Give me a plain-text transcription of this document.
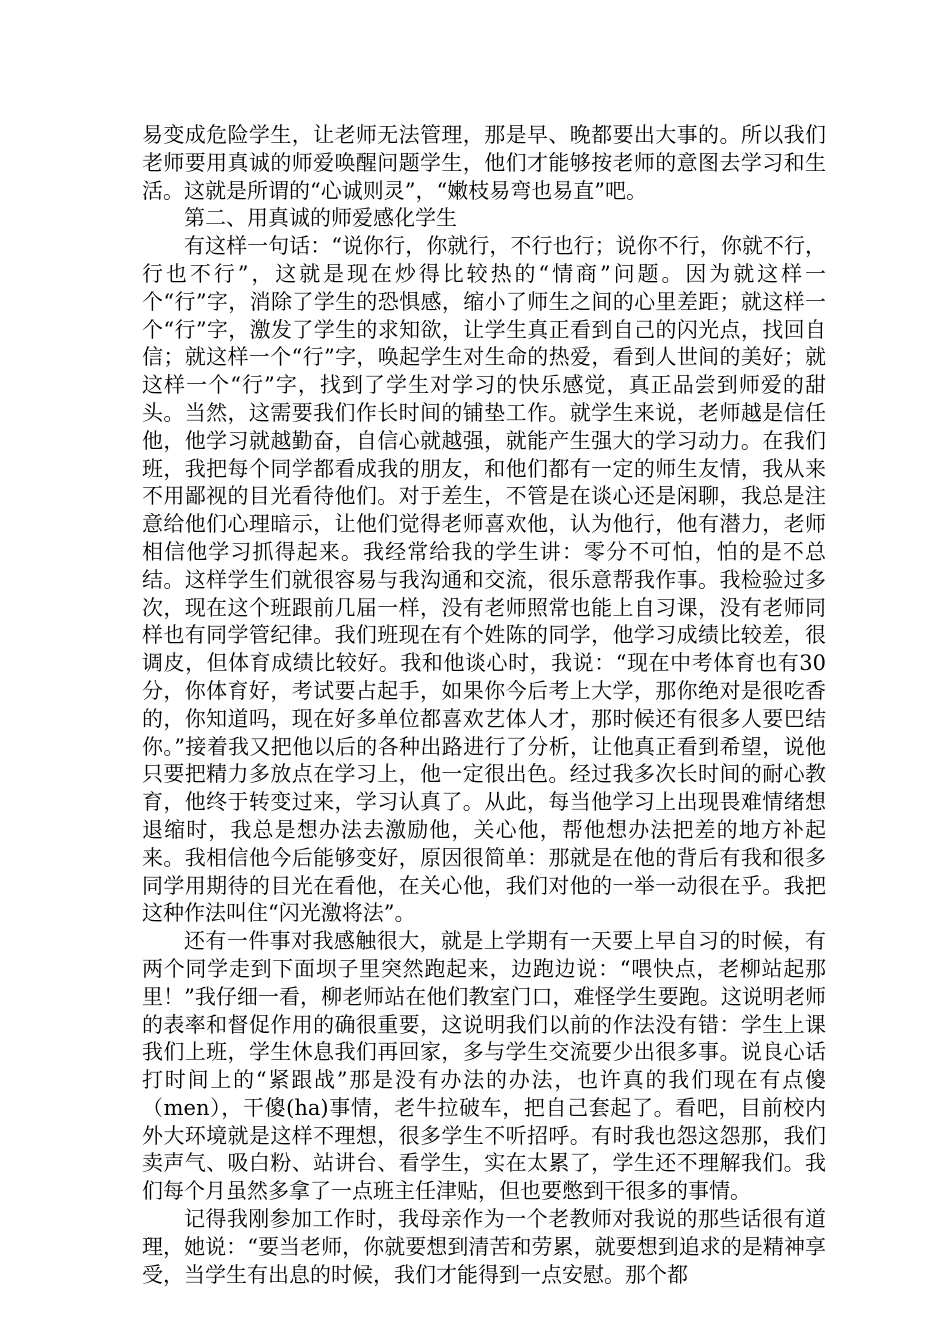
易变成危险学生，让老师无法管理，那是早、晚都要出大事的。所以我们老师要用真诚的师爱唤醒问题学生，他们才能够按老师的意图去学习和生活。这就是所谓的“心诚则灵”，“嫩枝易弯也易直”吧。

第二、用真诚的师爱感化学生

有这样一句话：“说你行，你就行，不行也行；说你不行，你就不行，行也不行”，这就是现在炒得比较热的“情商”问题。因为就这样一个“行”字，消除了学生的恐惧感，缩小了师生之间的心里差距；就这样一个“行”字，激发了学生的求知欲，让学生真正看到自己的闪光点，找回自信；就这样一个“行”字，唤起学生对生命的热爱，看到人世间的美好；就这样一个“行”字，找到了学生对学习的快乐感觉，真正品尝到师爱的甜头。当然，这需要我们作长时间的铺垫工作。就学生来说，老师越是信任他，他学习就越勤奋，自信心就越强，就能产生强大的学习动力。在我们班，我把每个同学都看成我的朋友，和他们都有一定的师生友情，我从来不用鄙视的目光看待他们。对于差生，不管是在谈心还是闲聊，我总是注意给他们心理暗示，让他们觉得老师喜欢他，认为他行，他有潜力，老师相信他学习抓得起来。我经常给我的学生讲：零分不可怕，怕的是不总结。这样学生们就很容易与我沟通和交流，很乐意帮我作事。我检验过多次，现在这个班跟前几届一样，没有老师照常也能上自习课，没有老师同样也有同学管纪律。我们班现在有个姓陈的同学，他学习成绩比较差，很调皮，但体育成绩比较好。我和他谈心时，我说：“现在中考体育也有30分，你体育好，考试要占起手，如果你今后考上大学，那你绝对是很吃香的，你知道吗，现在好多单位都喜欢艺体人才，那时候还有很多人要巴结你。”接着我又把他以后的各种出路进行了分析，让他真正看到希望，说他只要把精力多放点在学习上，他一定很出色。经过我多次长时间的耐心教育，他终于转变过来，学习认真了。从此，每当他学习上出现畏难情绪想退缩时，我总是想办法去激励他，关心他，帮他想办法把差的地方补起来。我相信他今后能够变好，原因很简单：那就是在他的背后有我和很多同学用期待的目光在看他，在关心他，我们对他的一举一动很在乎。我把这种作法叫住“闪光激将法”。

还有一件事对我感触很大，就是上学期有一天要上早自习的时候，有两个同学走到下面坝子里突然跑起来，边跑边说：“喂快点，老柳站起那里！”我仔细一看，柳老师站在他们教室门口，难怪学生要跑。这说明老师的表率和督促作用的确很重要，这说明我们以前的作法没有错：学生上课我们上班，学生休息我们再回家，多与学生交流要少出很多事。说良心话打时间上的“紧跟战”那是没有办法的办法，也许真的我们现在有点傻（men），干傻(ha)事情，老牛拉破车，把自己套起了。看吧，目前校内外大环境就是这样不理想，很多学生不听招呼。有时我也怨这怨那，我们卖声气、吸白粉、站讲台、看学生，实在太累了，学生还不理解我们。我们每个月虽然多拿了一点班主任津贴，但也要憋到干很多的事情。

记得我刚参加工作时，我母亲作为一个老教师对我说的那些话很有道理，她说：“要当老师，你就要想到清苦和劳累，就要想到追求的是精神享受，当学生有出息的时候，我们才能得到一点安慰。那个都
